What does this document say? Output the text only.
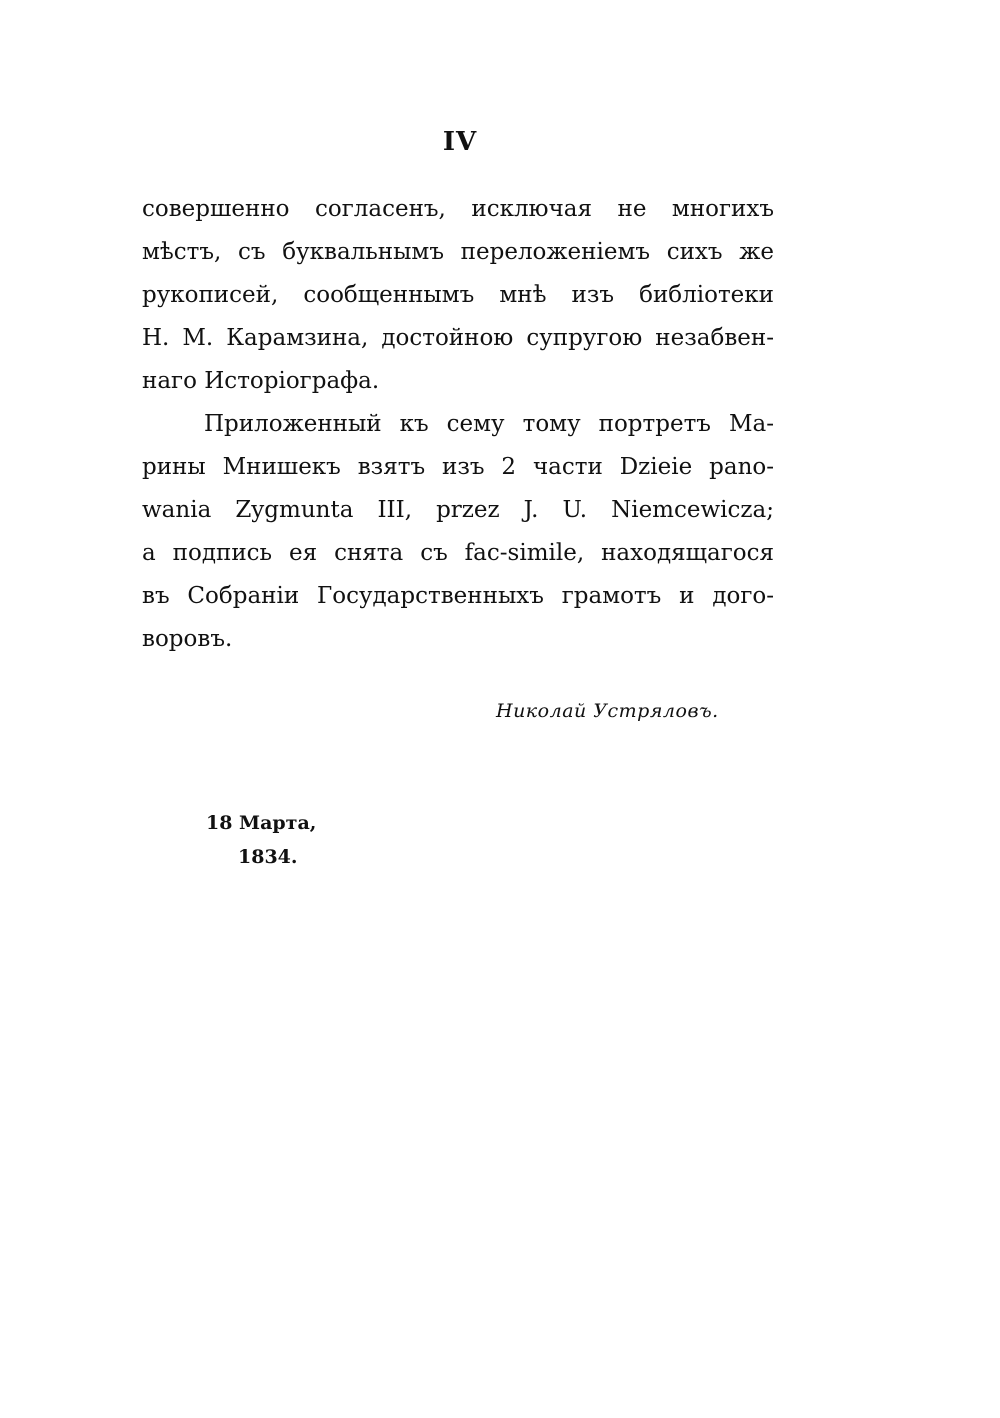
IV
совершенно согласенъ, исключая не многихъ
мѣстъ, съ буквальнымъ переложеніемъ сихъ же
рукописей, сообщеннымъ мнѣ изъ библіотеки
Н. М. Карамзина, достойною супругою незабвен-
наго Исторіографа.
Приложенный къ сему тому портретъ Ма-
рины Мнишекъ взятъ изъ 2 части Dzieie pano-
wania Zygmunta III, przez J. U. Niemcewicza;
а подпись ея снята съ fac-simile, находящагося
въ Собраніи Государственныхъ грамотъ и дого-
воровъ.
Николай Устряловъ.
18 Марта,
1834.
